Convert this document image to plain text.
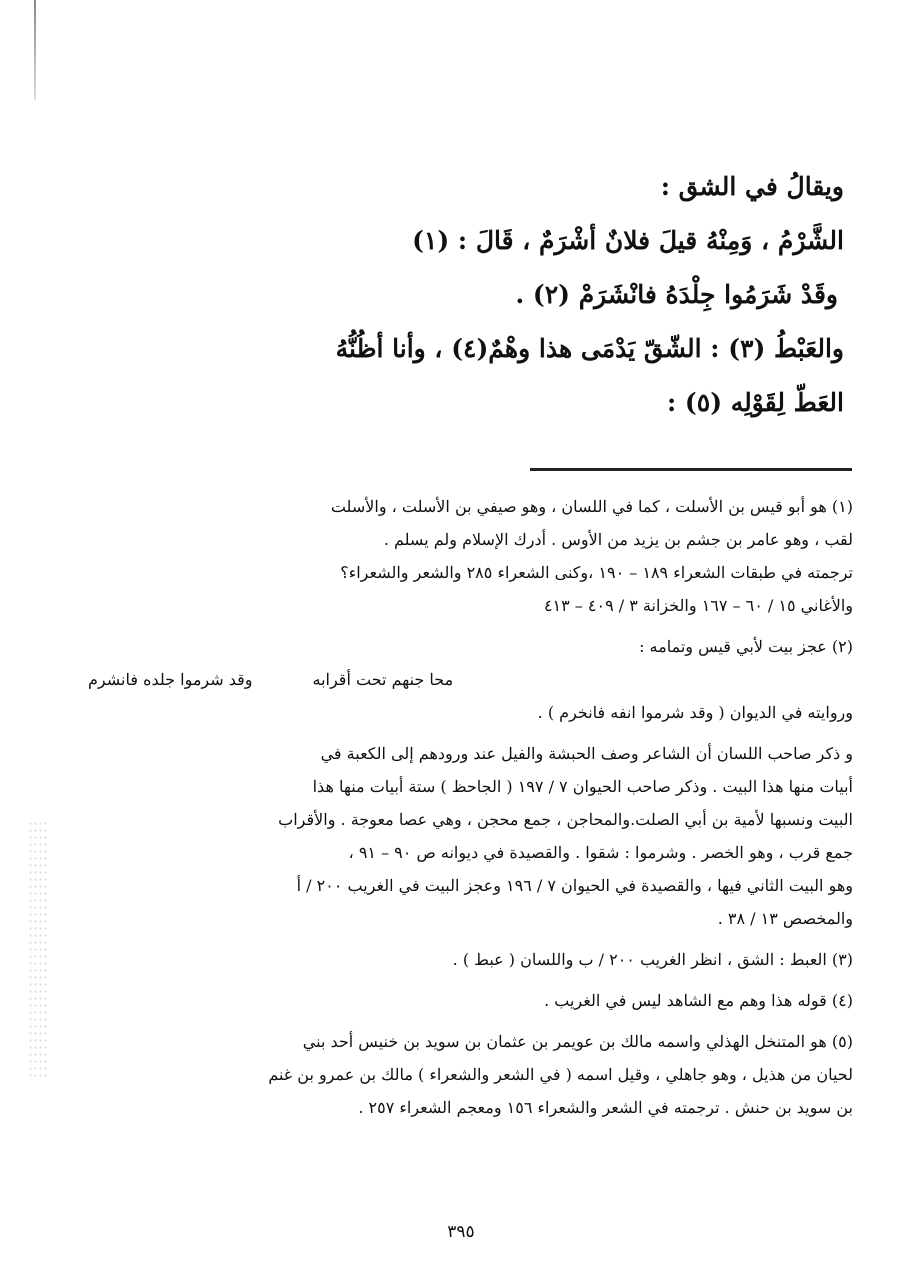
ويقالُ في الشق :
الشَّرْمُ ، وَمِنْهُ قيلَ فلانٌ أشْرَمٌ ، قَالَ : (١)
وقَدْ شَرَمُوا جِلْدَهُ فانْشَرَمْ (٢) .
والعَبْطُ (٣) : الشّقّ يَدْمَى هذا وهْمٌ(٤) ، وأنا أظُنُّهُ
العَطّ لِقَوْلِه (٥) :
(١) هو أبو قيس بن الأسلت ، كما في اللسان ، وهو صيفي بن الأسلت ، والأسلت
لقب ، وهو عامر بن جشم بن يزيد من الأوس . أدرك الإسلام ولم يسلم .
ترجمته في طبقات الشعراء ١٨٩ – ١٩٠ ،وكنى الشعراء ٢٨٥ والشعر والشعراء؟
والأغاني ١٥ / ٦٠ – ١٦٧ والخزانة ٣ / ٤٠٩ – ٤١٣
(٢) عجز بيت لأبي قيس وتمامه :
محا جنهم تحت أقرابه
وقد شرموا جلده فانشرم
وروايته في الديوان ( وقد شرموا انفه فانخرم ) .
و ذكر صاحب اللسان أن الشاعر وصف الحبشة والفيل عند ورودهم إلى الكعبة في
أبيات منها هذا البيت . وذكر صاحب الحيوان ٧ / ١٩٧ ( الجاحظ ) ستة أبيات منها هذا
البيت ونسبها لأمية بن أبي الصلت.والمحاجن ، جمع محجن ، وهي عصا معوجة . والأقراب
جمع قرب ، وهو الخصر . وشرموا : شقوا . والقصيدة في ديوانه ص ٩٠ – ٩١ ،
وهو البيت الثاني فيها ، والقصيدة في الحيوان ٧ / ١٩٦ وعجز البيت في الغريب ٢٠٠ / أ
والمخصص ١٣ / ٣٨ .
(٣) العبط : الشق ، انظر الغريب ٢٠٠ / ب واللسان ( عبط ) .
(٤) قوله هذا وهم مع الشاهد ليس في الغريب .
(٥) هو المتنخل الهذلي واسمه مالك بن عويمر بن عثمان بن سويد بن خنيس أحد بني
لحيان من هذيل ، وهو جاهلي ، وقيل اسمه ( في الشعر والشعراء ) مالك بن عمرو بن غنم
بن سويد بن حنش . ترجمته في الشعر والشعراء ١٥٦ ومعجم الشعراء ٢٥٧ .
٣٩٥
